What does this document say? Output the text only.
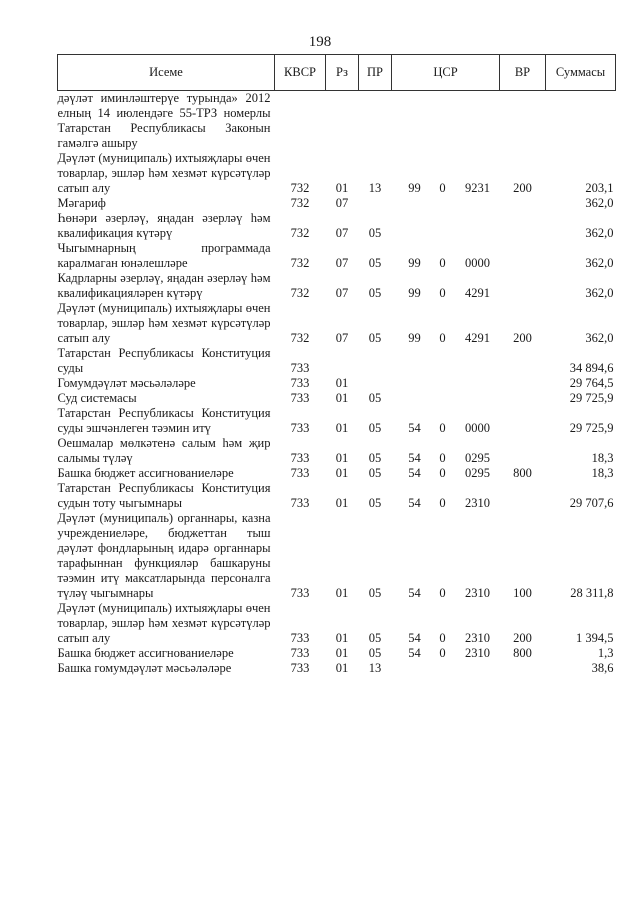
198
Исеме	КВСР	Рз	ПР	ЦСР	ВР	Суммасы

дәүләт иминләштерүе турында» 2012 елның 14 июлендәге 55-ТРЗ номерлы Татарстан Республикасы Законын гамәлгә ашыру						

Дәүләт (муниципаль) ихтыяҗлары өчен товарлар, эшләр һәм хезмәт күрсәтүләр сатып алу	732	01	13	99 0 9231	200	203,1

Мәгариф	732	07				362,0

Һөнәри әзерләү, яңадан әзерләү һәм квалификация күтәрү	732	07	05			362,0

Чыгымнарның программада каралмаган юнәлешләре	732	07	05	99 0 0000		362,0

Кадрларны әзерләү, яңадан әзерләү һәм квалификацияләрен күтәрү	732	07	05	99 0 4291		362,0

Дәүләт (муниципаль) ихтыяҗлары өчен товарлар, эшләр һәм хезмәт күрсәтүләр сатып алу	732	07	05	99 0 4291	200	362,0

Татарстан Республикасы Конституция суды	733					34 894,6

Гомумдәүләт мәсьәләләре	733	01				29 764,5

Суд системасы	733	01	05			29 725,9

Татарстан Республикасы Конституция суды эшчәнлеген тәэмин итү	733	01	05	54 0 0000		29 725,9

Оешмалар мөлкәтенә салым һәм җир салымы түләү	733	01	05	54 0 0295		18,3

Башка бюджет ассигнованиеләре	733	01	05	54 0 0295	800	18,3

Татарстан Республикасы Конституция судын тоту чыгымнары	733	01	05	54 0 2310		29 707,6

Дәүләт (муниципаль) органнары, казна учреждениеләре, бюджеттан тыш дәүләт фондларының идарә органнары тарафыннан функцияләр башкаруны тәэмин итү максатларында персоналга түләү чыгымнары	733	01	05	54 0 2310	100	28 311,8

Дәүләт (муниципаль) ихтыяҗлары өчен товарлар, эшләр һәм хезмәт күрсәтүләр сатып алу	733	01	05	54 0 2310	200	1 394,5

Башка бюджет ассигнованиеләре	733	01	05	54 0 2310	800	1,3

Башка гомумдәүләт мәсьәләләре	733	01	13			38,6
